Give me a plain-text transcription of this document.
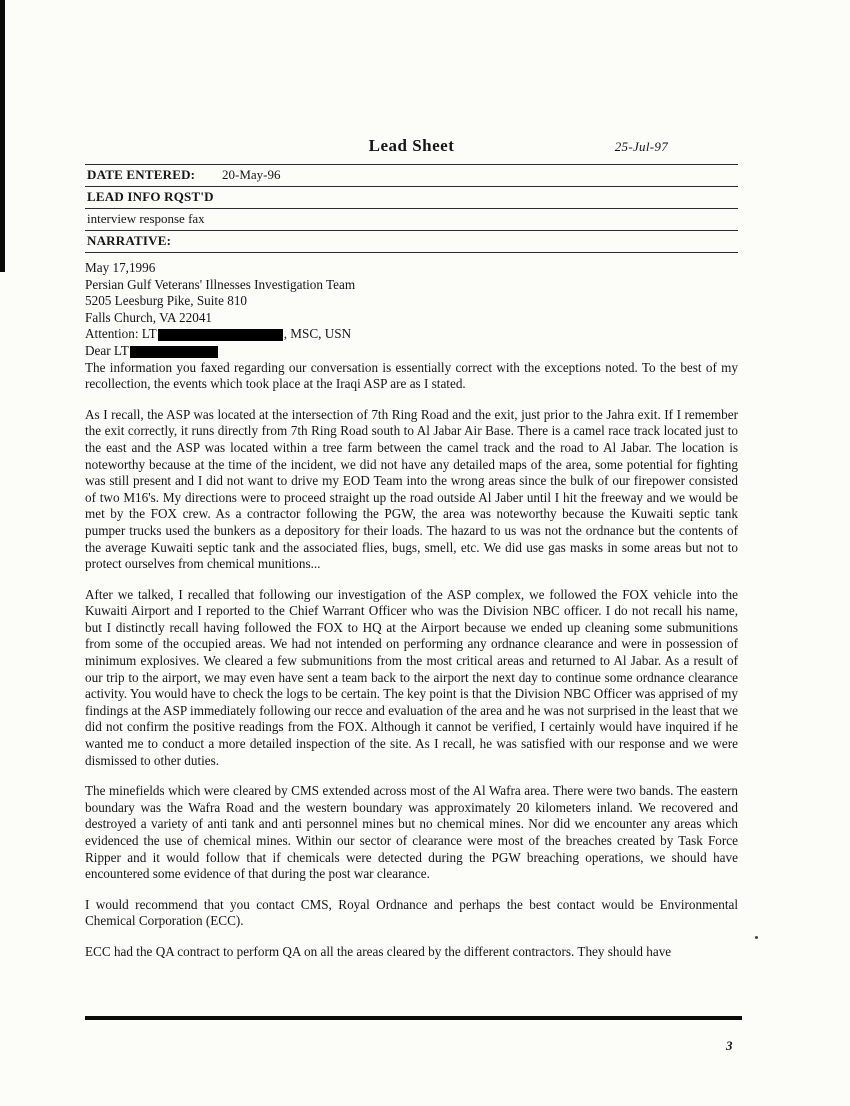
Lead Sheet	25-Jul-97
DATE ENTERED: 20-May-96
LEAD INFO RQST'D
interview response fax
NARRATIVE:

May 17,1996

Persian Gulf Veterans' Illnesses Investigation Team

5205 Leesburg Pike, Suite 810

Falls Church, VA 22041

Attention: LT	, MSC, USN

Dear LT

The information you faxed regarding our conversation is essentially correct with the exceptions noted. To the best of my recollection, the events which took place at the Iraqi ASP are as I stated.

As I recall, the ASP was located at the intersection of 7th Ring Road and the exit, just prior to the Jahra exit. If I remember the exit correctly, it runs directly from 7th Ring Road south to Al Jabar Air Base. There is a camel race track located just to the east and the ASP was located within a tree farm between the camel track and the road to Al Jabar. The location is noteworthy because at the time of the incident, we did not have any detailed maps of the area, some potential for fighting was still present and I did not want to drive my EOD Team into the wrong areas since the bulk of our firepower consisted of two M16's. My directions were to proceed straight up the road outside Al Jaber until I hit the freeway and we would be met by the FOX crew. As a contractor following the PGW, the area was noteworthy because the Kuwaiti septic tank pumper trucks used the bunkers as a depository for their loads. The hazard to us was not the ordnance but the contents of the average Kuwaiti septic tank and the associated flies, bugs, smell, etc. We did use gas masks in some areas but not to protect ourselves from chemical munitions...

After we talked, I recalled that following our investigation of the ASP complex, we followed the FOX vehicle into the Kuwaiti Airport and I reported to the Chief Warrant Officer who was the Division NBC officer. I do not recall his name, but I distinctly recall having followed the FOX to HQ at the Airport because we ended up cleaning some submunitions from some of the occupied areas. We had not intended on performing any ordnance clearance and were in possession of minimum explosives. We cleared a few submunitions from the most critical areas and returned to Al Jabar. As a result of our trip to the airport, we may even have sent a team back to the airport the next day to continue some ordnance clearance activity. You would have to check the logs to be certain. The key point is that the Division NBC Officer was apprised of my findings at the ASP immediately following our recce and evaluation of the area and he was not surprised in the least that we did not confirm the positive readings from the FOX. Although it cannot be verified, I certainly would have inquired if he wanted me to conduct a more detailed inspection of the site. As I recall, he was satisfied with our response and we were dismissed to other duties.

The minefields which were cleared by CMS extended across most of the Al Wafra area. There were two bands. The eastern boundary was the Wafra Road and the western boundary was approximately 20 kilometers inland. We recovered and destroyed a variety of anti tank and anti personnel mines but no chemical mines. Nor did we encounter any areas which evidenced the use of chemical mines. Within our sector of clearance were most of the breaches created by Task Force Ripper and it would follow that if chemicals were detected during the PGW breaching operations, we should have encountered some evidence of that during the post war clearance.

I would recommend that you contact CMS, Royal Ordnance and perhaps the best contact would be Environmental Chemical Corporation (ECC).

ECC had the QA contract to perform QA on all the areas cleared by the different contractors. They should have

3
